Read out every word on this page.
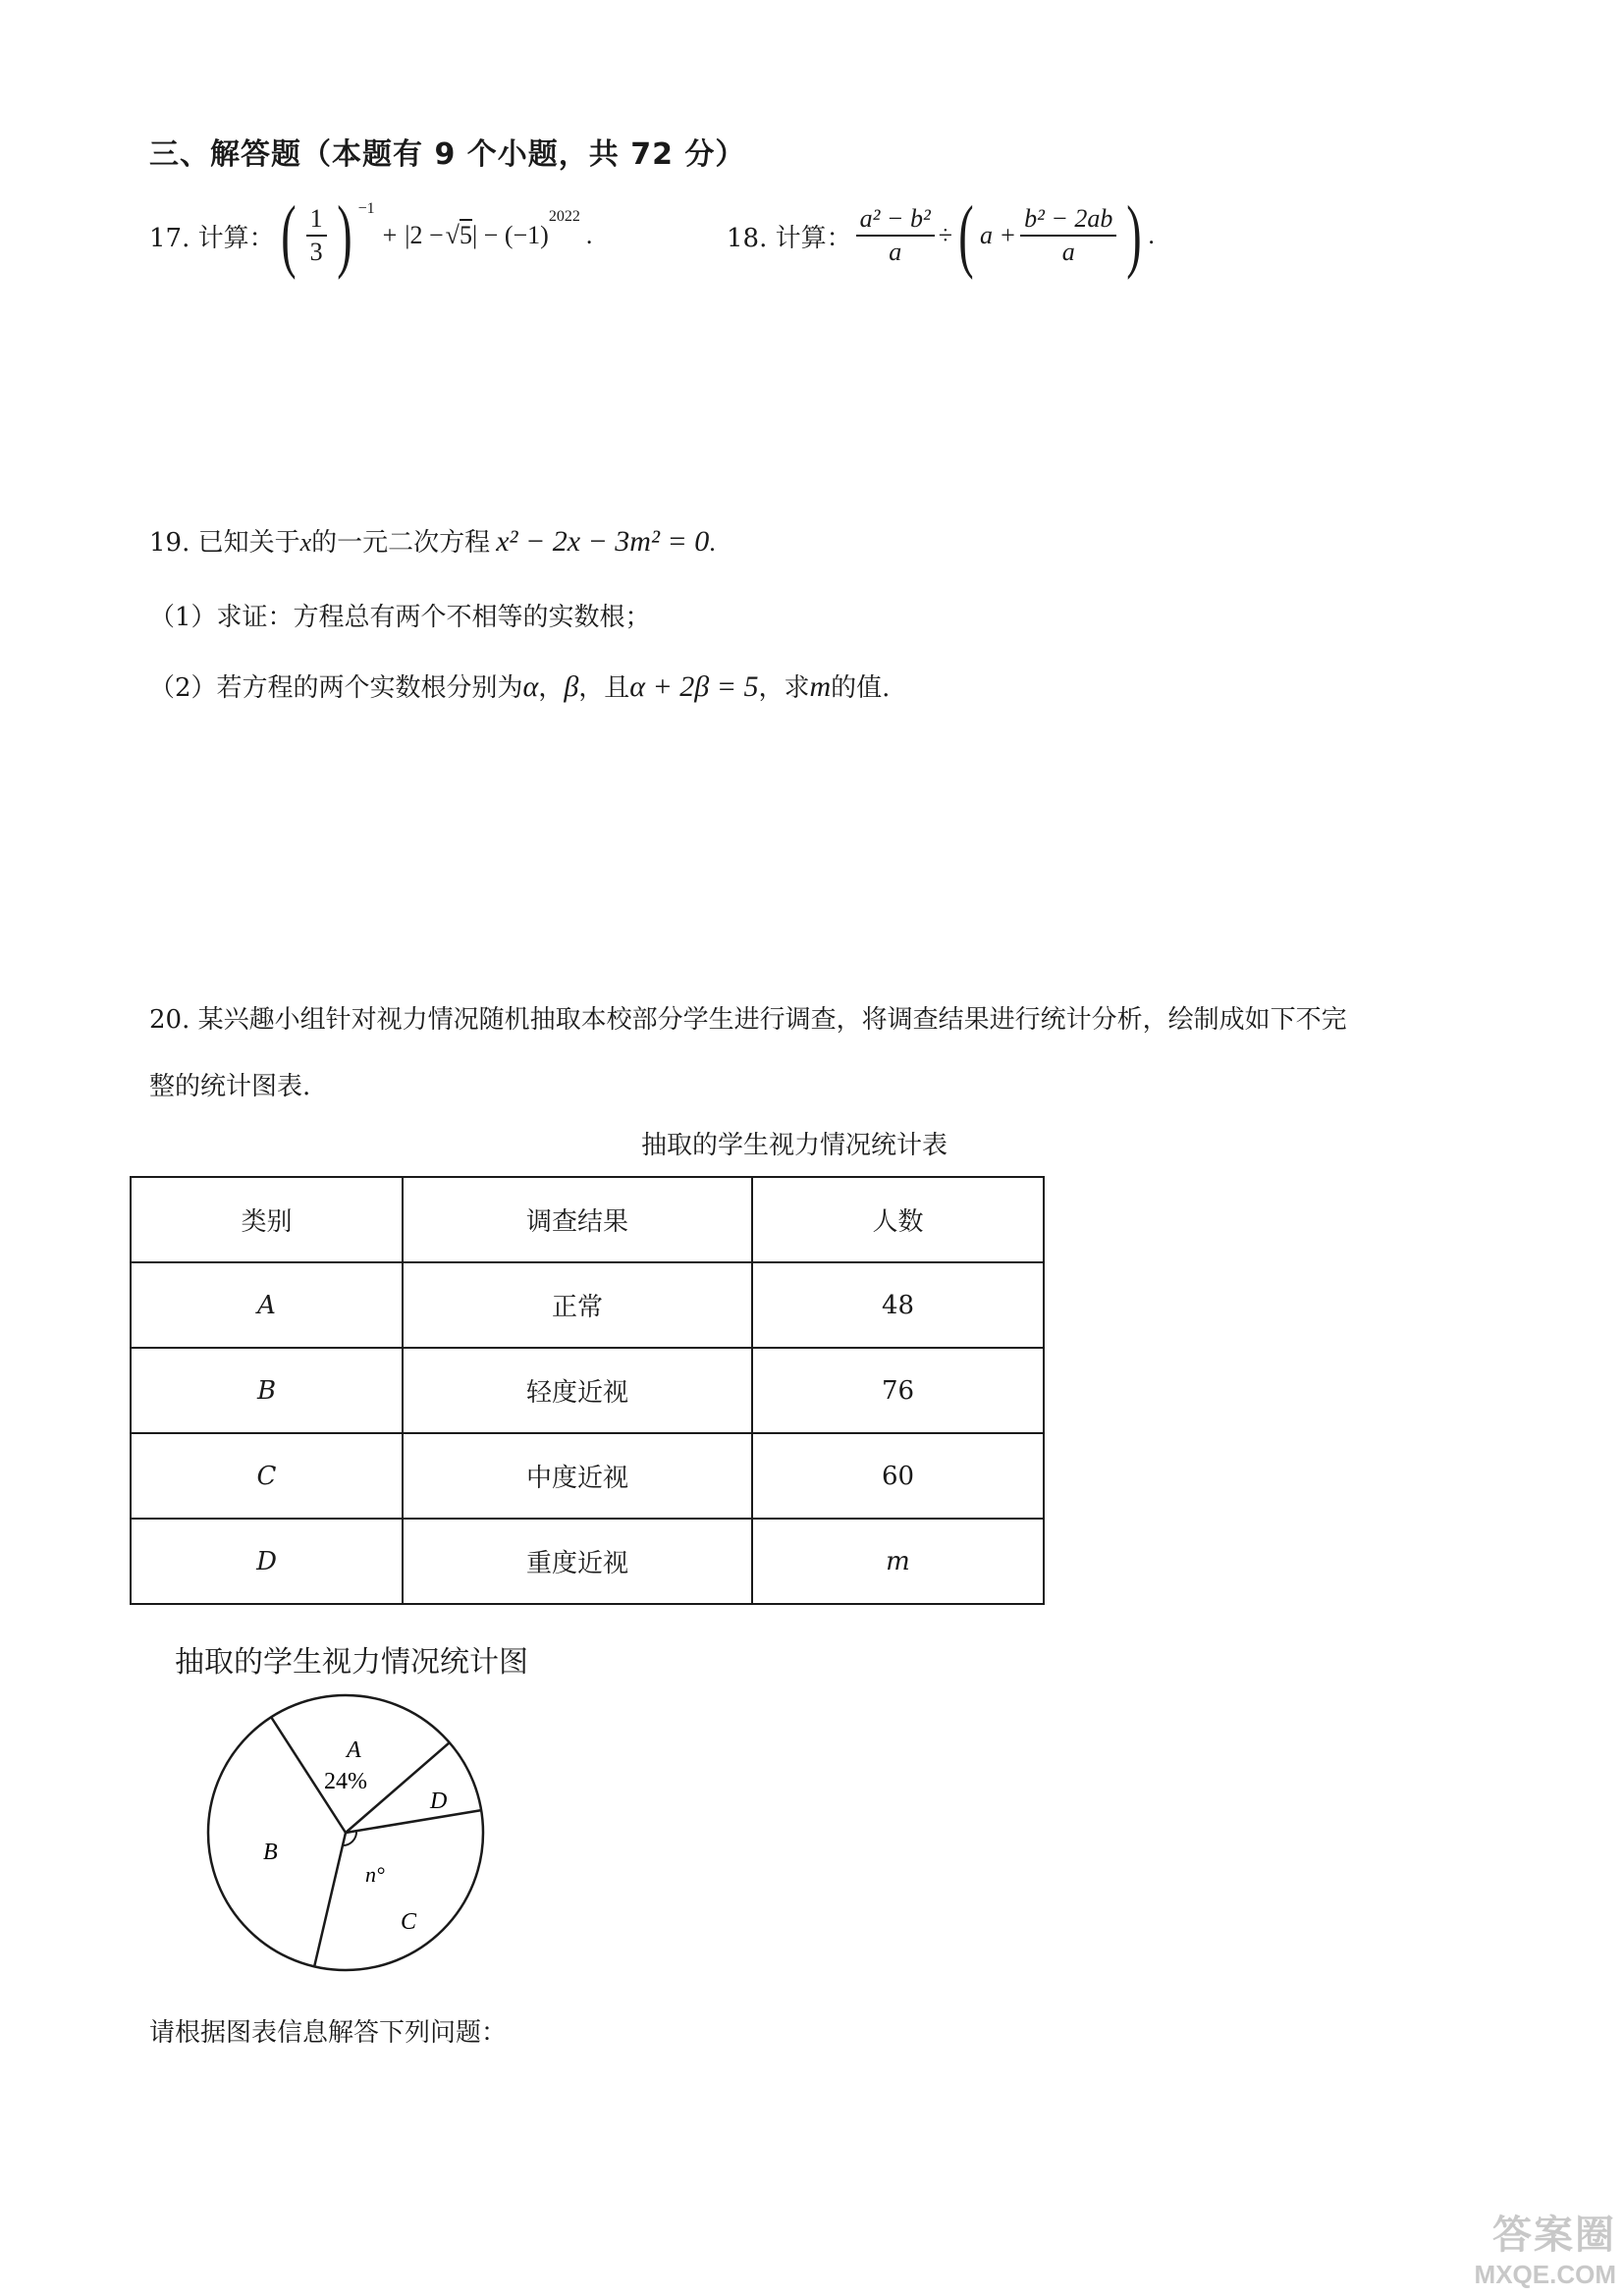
三、解答题（本题有 9 个小题，共 72 分）
17. 计算： ( $\frac{1}{3}$ ) $^{-1}$
+ |2 − √5 | − (−1)
$^{2022}$
.	18. 计算： $\frac{\text{a² − b²}}{a}$ ÷ ( $a + \frac{\text{b² − 2ab}}{a}$ ) .
19. 已知关于x的一元二次方程 x² − 2x − 3m² = 0.
（1）求证：方程总有两个不相等的实数根；
（2）若方程的两个实数根分别为α，β，且α + 2β = 5，求m的值.
20. 某兴趣小组针对视力情况随机抽取本校部分学生进行调查，将调查结果进行统计分析，绘制成如下不完
整的统计图表.
抽取的学生视力情况统计表
类别	调查结果	人数
A	正常	48
B	轻度近视	76
C	中度近视	60
D	重度近视	m
抽取的学生视力情况统计图
A
24%
D
B
n°
C
请根据图表信息解答下列问题：
答案圈
MXQE.COM
